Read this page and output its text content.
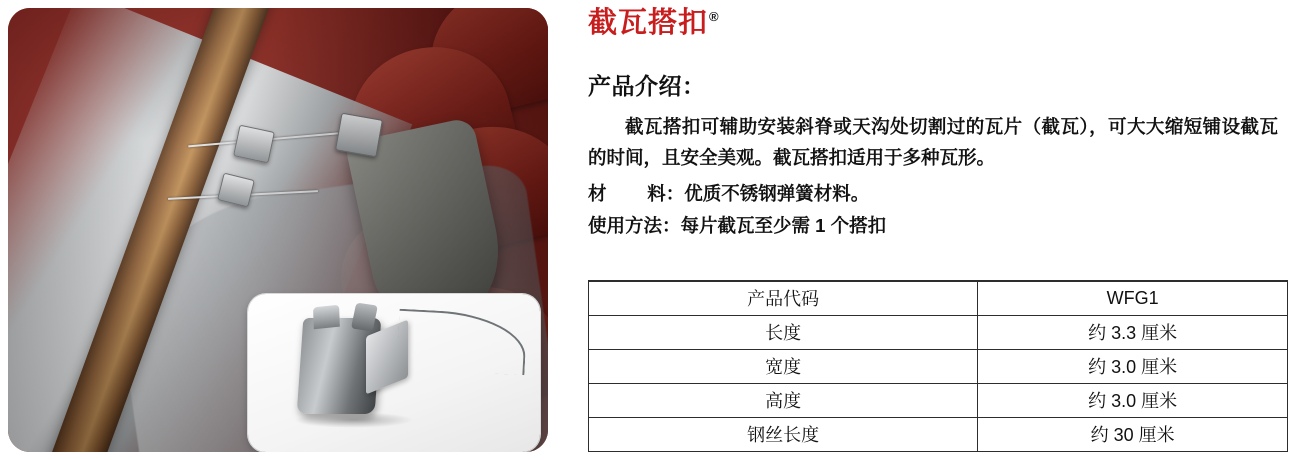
截瓦搭扣 ®
产品介绍：
截瓦搭扣可辅助安装斜脊或天沟处切割过的瓦片（截瓦），可大大缩短铺设截瓦的时间，且安全美观。截瓦搭扣适用于多种瓦形。
材 料：优质不锈钢弹簧材料。
使用方法：每片截瓦至少需 1 个搭扣
产品代码	WFG1
长度	约 3.3 厘米
宽度	约 3.0 厘米
高度	约 3.0 厘米
钢丝长度	约 30 厘米
